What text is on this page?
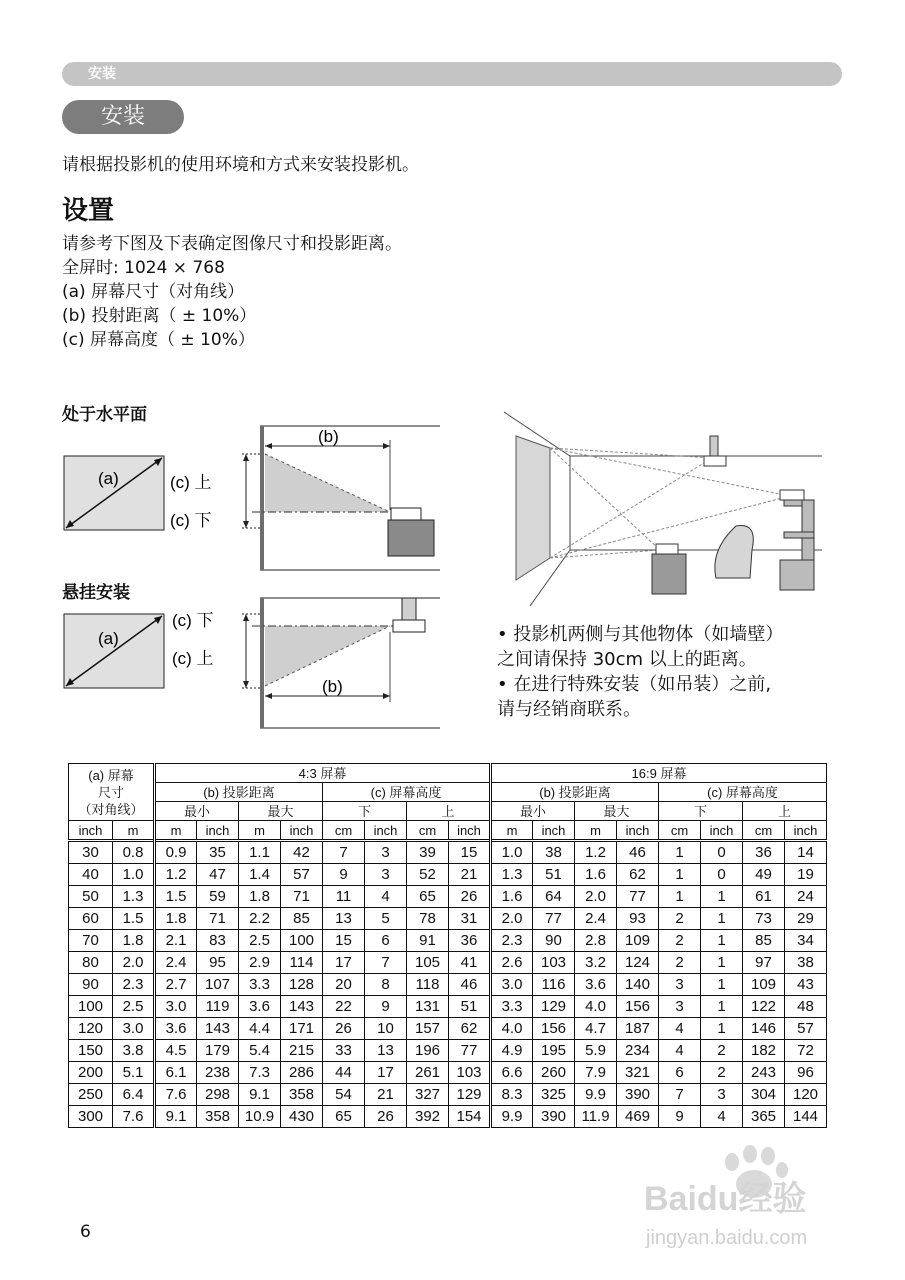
安装
安装
请根据投影机的使用环境和方式来安装投影机。
设置
请参考下图及下表确定图像尺寸和投影距离。
全屏时: 1024 × 768
(a) 屏幕尺寸（对角线）
(b) 投射距离（ ± 10%）
(c) 屏幕高度（ ± 10%）
处于水平面
(a)	(c) 上
(c) 下
(b)
悬挂安装
(a)
(c) 下
(c) 上
(b)
• 投影机两侧与其他物体（如墙壁）
之间请保持 30cm 以上的距离。
• 在进行特殊安装（如吊装）之前,
请与经销商联系。
(a) 屏幕
尺寸
（对角线）		4:3 屏幕								16:9 屏幕							
		(b) 投影距离				(c) 屏幕高度				(b) 投影距离				(c) 屏幕高度			
		最小		最大		下		上		最小		最大		下		上	
inch	m	m	inch	m	inch	cm	inch	cm	inch	m	inch	m	inch	cm	inch	cm	inch
30	0.8	0.9	35	1.1	42	7	3	39	15	1.0	38	1.2	46	1	0	36	14
40	1.0	1.2	47	1.4	57	9	3	52	21	1.3	51	1.6	62	1	0	49	19
50	1.3	1.5	59	1.8	71	11	4	65	26	1.6	64	2.0	77	1	1	61	24
60	1.5	1.8	71	2.2	85	13	5	78	31	2.0	77	2.4	93	2	1	73	29
70	1.8	2.1	83	2.5	100	15	6	91	36	2.3	90	2.8	109	2	1	85	34
80	2.0	2.4	95	2.9	114	17	7	105	41	2.6	103	3.2	124	2	1	97	38
90	2.3	2.7	107	3.3	128	20	8	118	46	3.0	116	3.6	140	3	1	109	43
100	2.5	3.0	119	3.6	143	22	9	131	51	3.3	129	4.0	156	3	1	122	48
120	3.0	3.6	143	4.4	171	26	10	157	62	4.0	156	4.7	187	4	1	146	57
150	3.8	4.5	179	5.4	215	33	13	196	77	4.9	195	5.9	234	4	2	182	72
200	5.1	6.1	238	7.3	286	44	17	261	103	6.6	260	7.9	321	6	2	243	96
250	6.4	7.6	298	9.1	358	54	21	327	129	8.3	325	9.9	390	7	3	304	120
300	7.6	9.1	358	10.9	430	65	26	392	154	9.9	390	11.9	469	9	4	365	144
6
Baidu经验
jingyan.baidu.com
